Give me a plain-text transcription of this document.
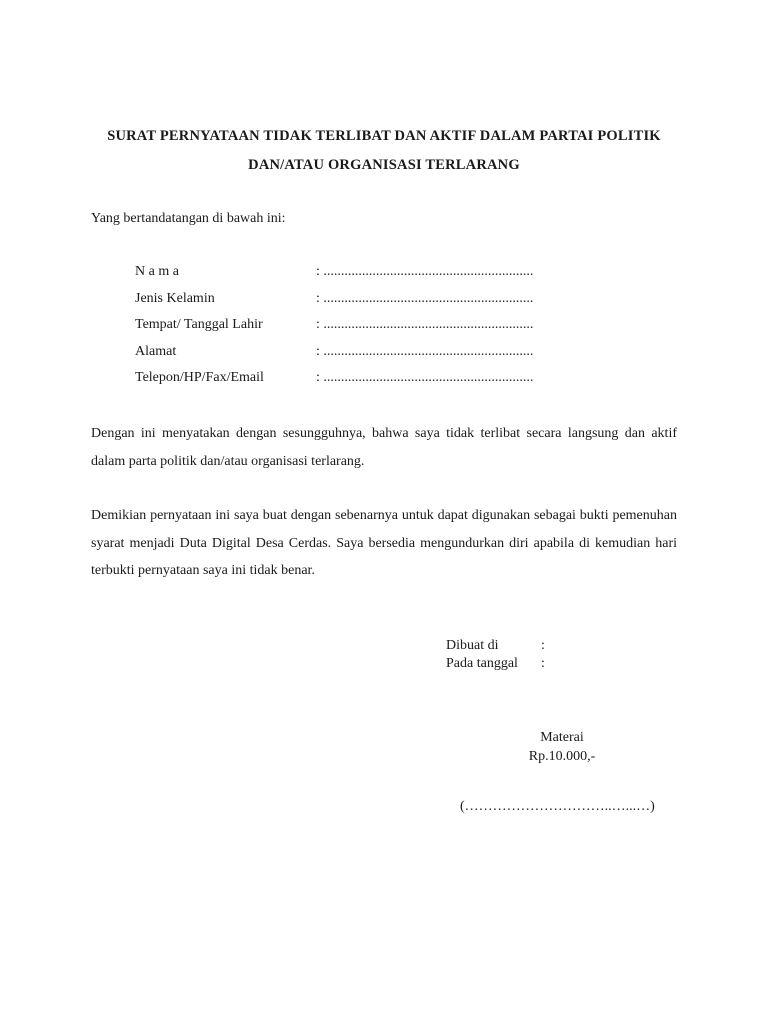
SURAT PERNYATAAN TIDAK TERLIBAT DAN AKTIF DALAM PARTAI POLITIK
DAN/ATAU ORGANISASI TERLARANG
Yang bertandatangan di bawah ini:
N a m a	: ............................................................
Jenis Kelamin	: ............................................................
Tempat/ Tanggal Lahir	: ............................................................
Alamat	: ............................................................
Telepon/HP/Fax/Email	: ............................................................
Dengan ini menyatakan dengan sesungguhnya, bahwa saya tidak terlibat secara langsung dan aktif dalam parta politik dan/atau organisasi terlarang.
Demikian pernyataan ini saya buat dengan sebenarnya untuk dapat digunakan sebagai bukti pemenuhan syarat menjadi Duta Digital Desa Cerdas. Saya bersedia mengundurkan diri apabila di kemudian hari terbukti pernyataan saya ini tidak benar.
Dibuat di	:
Pada tanggal :
Materai
Rp.10.000,-
(…………………………..…...…)
